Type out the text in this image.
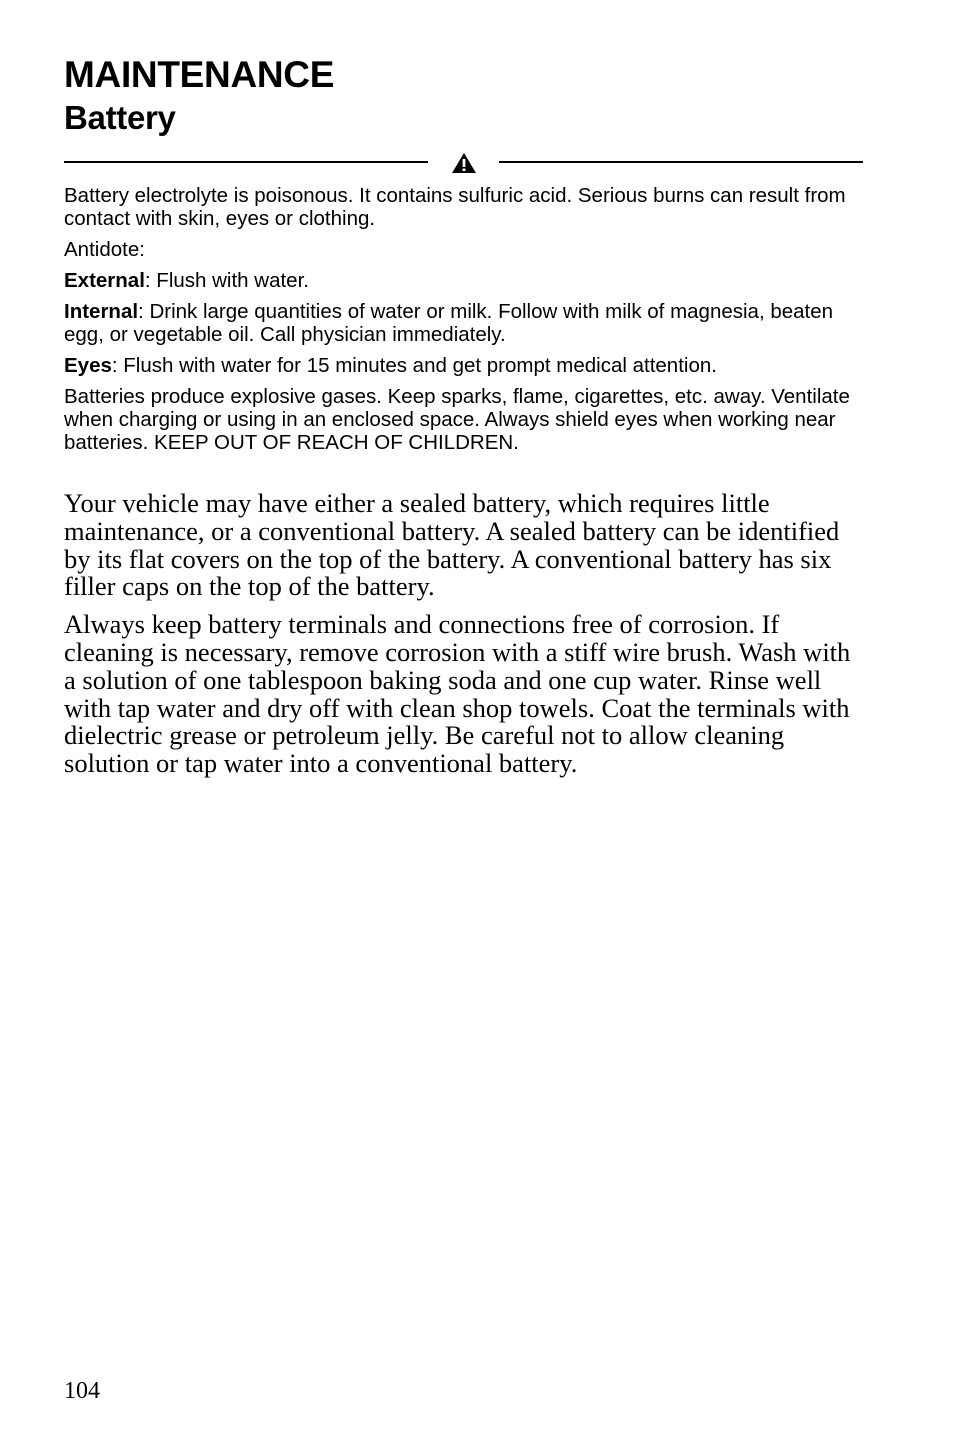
MAINTENANCE
Battery

Battery electrolyte is poisonous. It contains sulfuric acid. Serious burns can result from contact with skin, eyes or clothing.

Antidote:

External: Flush with water.

Internal: Drink large quantities of water or milk. Follow with milk of magnesia, beaten egg, or vegetable oil. Call physician immediately.

Eyes: Flush with water for 15 minutes and get prompt medical attention.

Batteries produce explosive gases. Keep sparks, flame, cigarettes, etc. away. Ventilate when charging or using in an enclosed space. Always shield eyes when working near batteries. KEEP OUT OF REACH OF CHILDREN.

Your vehicle may have either a sealed battery, which requires little maintenance, or a conventional battery. A sealed battery can be identified by its flat covers on the top of the battery. A conventional battery has six filler caps on the top of the battery.

Always keep battery terminals and connections free of corrosion. If cleaning is necessary, remove corrosion with a stiff wire brush. Wash with a solution of one tablespoon baking soda and one cup water. Rinse well with tap water and dry off with clean shop towels. Coat the terminals with dielectric grease or petroleum jelly. Be careful not to allow cleaning solution or tap water into a conventional battery.

104
